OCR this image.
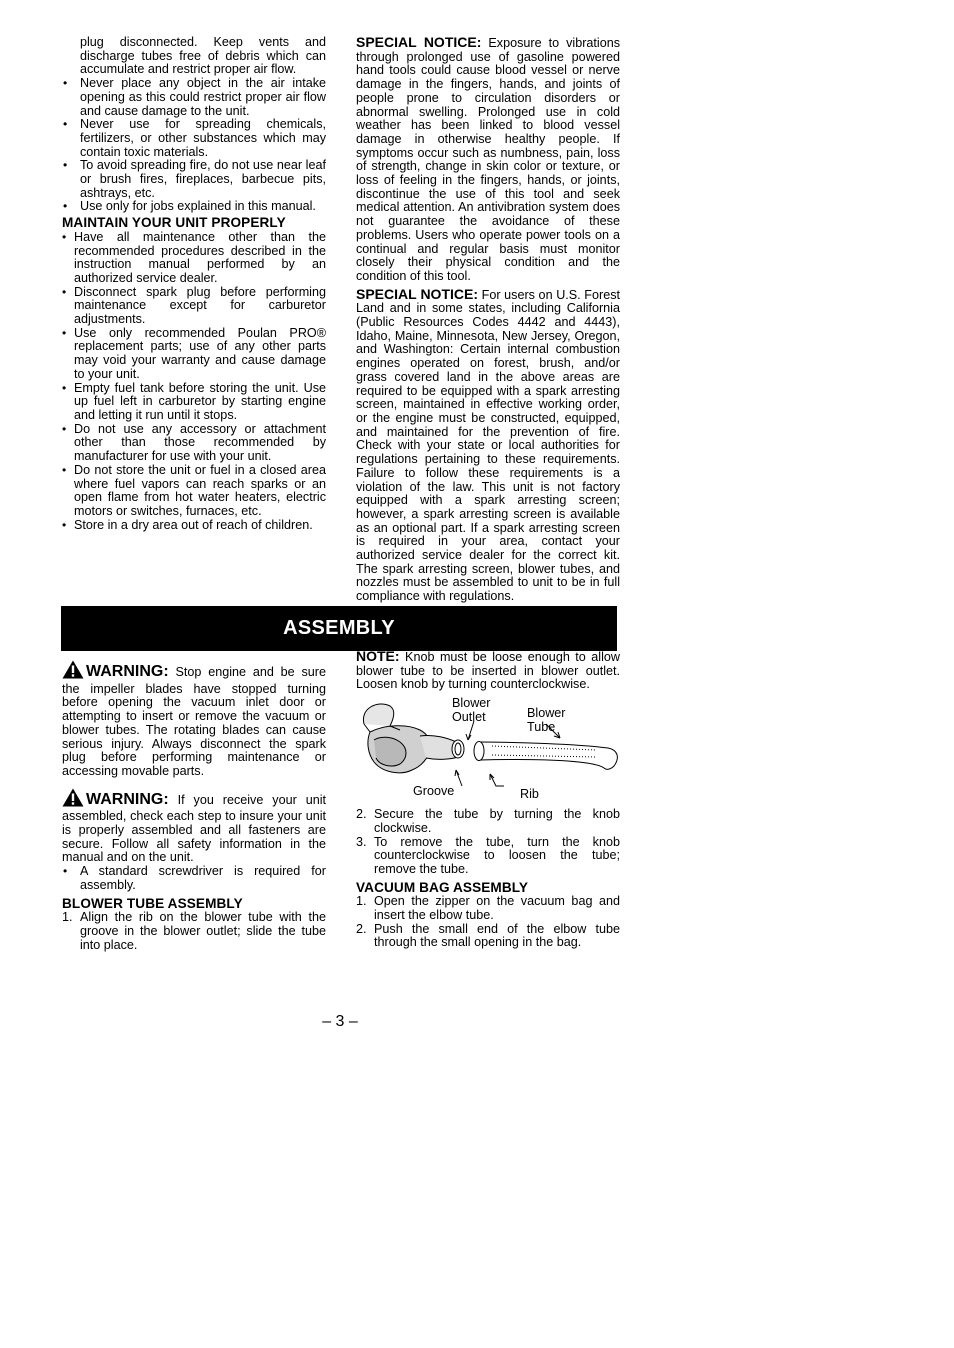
plug disconnected. Keep vents and discharge tubes free of debris which can accumulate and restrict proper air flow.

• Never place any object in the air intake opening as this could restrict proper air flow and cause damage to the unit.
• Never use for spreading chemicals, fertilizers, or other substances which may contain toxic materials.
• To avoid spreading fire, do not use near leaf or brush fires, fireplaces, barbecue pits, ashtrays, etc.
• Use only for jobs explained in this manual.
MAINTAIN YOUR UNIT PROPERLY
• Have all maintenance other than the recommended procedures described in the instruction manual performed by an authorized service dealer.
• Disconnect spark plug before performing maintenance except for carburetor adjustments.
• Use only recommended Poulan PRO® replacement parts; use of any other parts may void your warranty and cause damage to your unit.
• Empty fuel tank before storing the unit. Use up fuel left in carburetor by starting engine and letting it run until it stops.
• Do not use any accessory or attachment other than those recommended by manufacturer for use with your unit.
• Do not store the unit or fuel in a closed area where fuel vapors can reach sparks or an open flame from hot water heaters, electric motors or switches, furnaces, etc.
• Store in a dry area out of reach of children.

SPECIAL NOTICE: Exposure to vibrations through prolonged use of gasoline powered hand tools could cause blood vessel or nerve damage in the fingers, hands, and joints of people prone to circulation disorders or abnormal swelling. Prolonged use in cold weather has been linked to blood vessel damage in otherwise healthy people. If symptoms occur such as numbness, pain, loss of strength, change in skin color or texture, or loss of feeling in the fingers, hands, or joints, discontinue the use of this tool and seek medical attention. An antivibration system does not guarantee the avoidance of these problems. Users who operate power tools on a continual and regular basis must monitor closely their physical condition and the condition of this tool.

SPECIAL NOTICE: For users on U.S. Forest Land and in some states, including California (Public Resources Codes 4442 and 4443), Idaho, Maine, Minnesota, New Jersey, Oregon, and Washington: Certain internal combustion engines operated on forest, brush, and/or grass covered land in the above areas are required to be equipped with a spark arresting screen, maintained in effective working order, or the engine must be constructed, equipped, and maintained for the prevention of fire. Check with your state or local authorities for regulations pertaining to these requirements. Failure to follow these requirements is a violation of the law. This unit is not factory equipped with a spark arresting screen; however, a spark arresting screen is available as an optional part. If a spark arresting screen is required in your area, contact your authorized service dealer for the correct kit. The spark arresting screen, blower tubes, and nozzles must be assembled to unit to be in full compliance with regulations.

ASSEMBLY

WARNING: Stop engine and be sure the impeller blades have stopped turning before opening the vacuum inlet door or attempting to insert or remove the vacuum or blower tubes. The rotating blades can cause serious injury. Always disconnect the spark plug before performing maintenance or accessing movable parts.

WARNING: If you receive your unit assembled, check each step to insure your unit is properly assembled and all fasteners are secure. Follow all safety information in the manual and on the unit.

• A standard screwdriver is required for assembly.
BLOWER TUBE ASSEMBLY
1. Align the rib on the blower tube with the groove in the blower outlet; slide the tube into place.

NOTE: Knob must be loose enough to allow blower tube to be inserted in blower outlet. Loosen knob by turning counterclockwise.

Blower
Outlet	Blower
Tube
Groove	Rib
2. Secure the tube by turning the knob clockwise.
3. To remove the tube, turn the knob counterclockwise to loosen the tube; remove the tube.
VACUUM BAG ASSEMBLY
1. Open the zipper on the vacuum bag and insert the elbow tube.
2. Push the small end of the elbow tube through the small opening in the bag.
– 3 –
